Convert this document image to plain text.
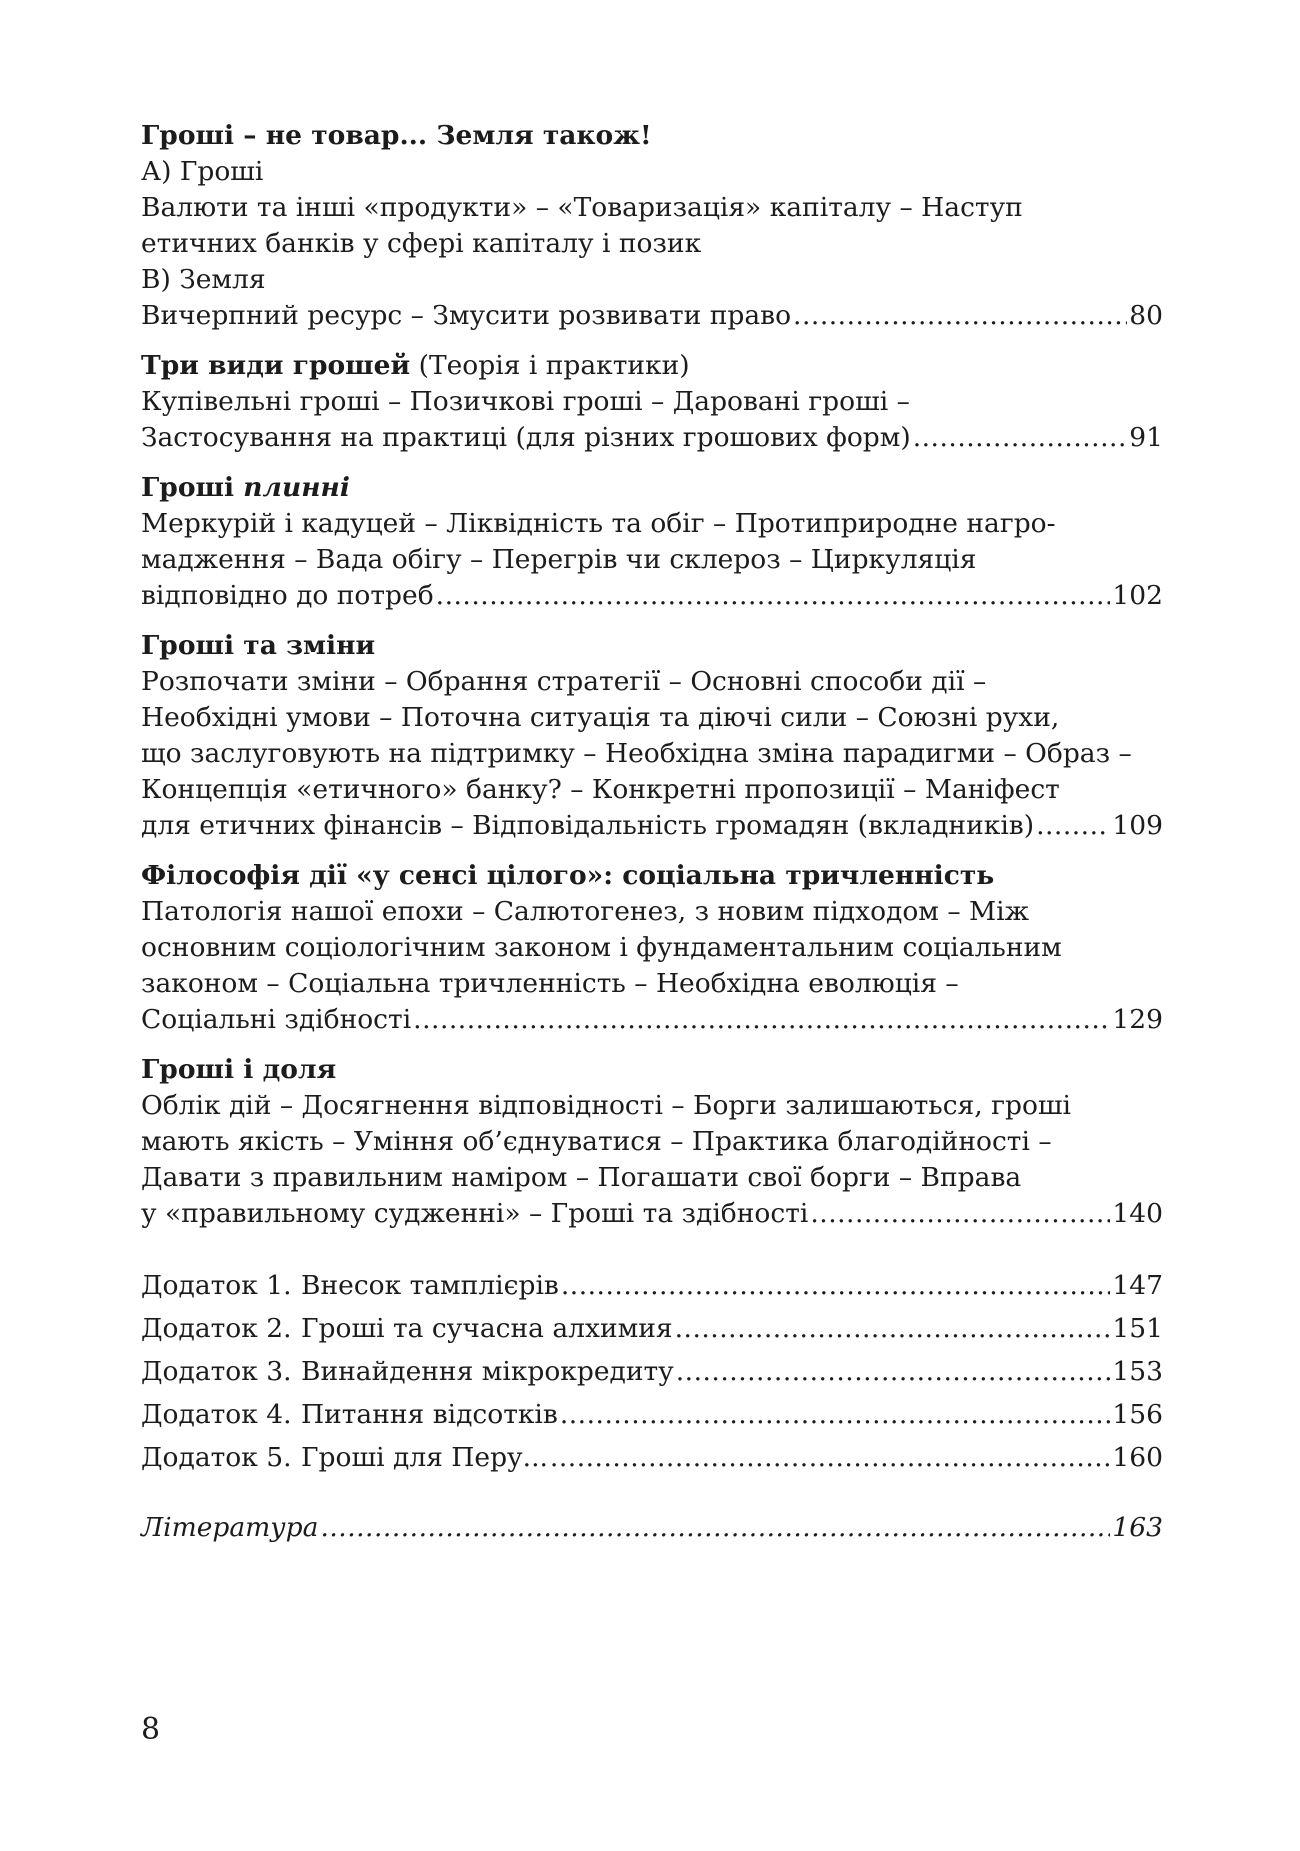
Гроші – не товар... Земля також!
А) Гроші
Валюти та інші «продукти» – «Товаризація» капіталу – Наступ
етичних банків у сфері капіталу і позик
В) Земля
Вичерпний ресурс – Змусити розвивати право .....	80
Три види грошей (Теорія і практики)
Купівельні гроші – Позичкові гроші – Даровані гроші –
Застосування на практиці (для різних грошових форм) .....	91
Гроші плинні
Меркурій і кадуцей – Ліквідність та обіг – Протиприродне нагро-
мадження – Вада обігу – Перегрів чи склероз – Циркуляція
відповідно до потреб .....	102
Гроші та зміни
Розпочати зміни – Обрання стратегії – Основні способи дії –
Необхідні умови – Поточна ситуація та діючі сили – Союзні рухи,
що заслуговують на підтримку – Необхідна зміна парадигми – Образ –
Концепція «етичного» банку? – Конкретні пропозиції – Маніфест
для етичних фінансів – Відповідальність громадян (вкладників) .....	109
Філософія дії «у сенсі цілого»: соціальна тричленність
Патологія нашої епохи – Салютогенез, з новим підходом – Між
основним соціологічним законом і фундаментальним соціальним
законом – Соціальна тричленність – Необхідна еволюція –
Соціальні здібності .....	129
Гроші і доля
Облік дій – Досягнення відповідності – Борги залишаються, гроші
мають якість – Уміння об’єднуватися – Практика благодійності –
Давати з правильним наміром – Погашати свої борги – Вправа
у «правильному судженні» – Гроші та здібності .....	140
Додаток 1. Внесок тамплієрів .....	147
Додаток 2. Гроші та сучасна алхимия .....	151
Додаток 3. Винайдення мікрокредиту .....	153
Додаток 4. Питання відсотків .....	156
Додаток 5. Гроші для Перу... .....	160
Література .....	163
8
